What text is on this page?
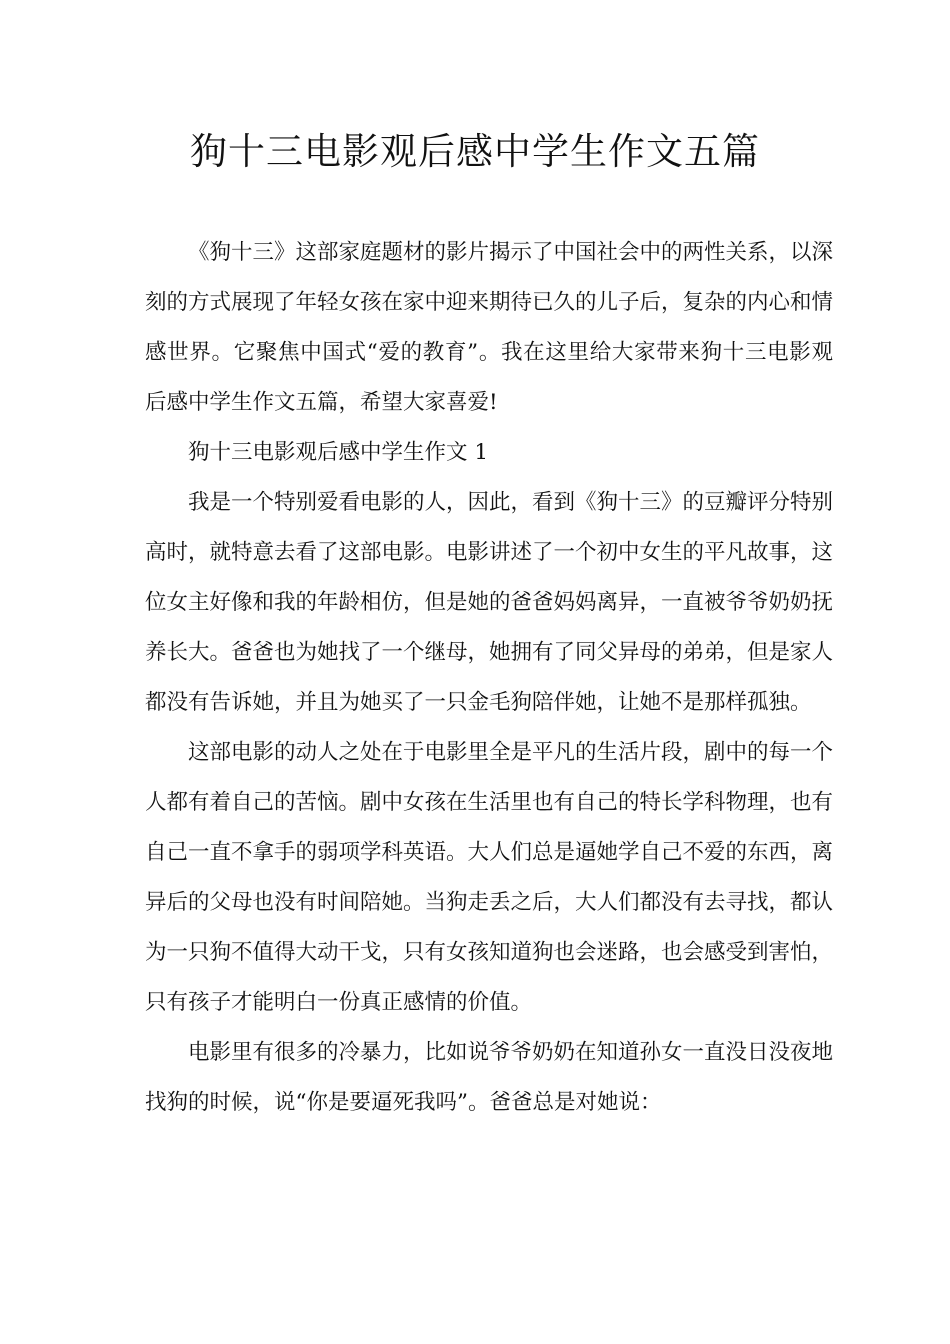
狗十三电影观后感中学生作文五篇

《狗十三》这部家庭题材的影片揭示了中国社会中的两性关系，以深刻的方式展现了年轻女孩在家中迎来期待已久的儿子后，复杂的内心和情感世界。它聚焦中国式“爱的教育”。我在这里给大家带来狗十三电影观后感中学生作文五篇，希望大家喜爱!

狗十三电影观后感中学生作文 1

我是一个特别爱看电影的人，因此，看到《狗十三》的豆瓣评分特别高时，就特意去看了这部电影。电影讲述了一个初中女生的平凡故事，这位女主好像和我的年龄相仿，但是她的爸爸妈妈离异，一直被爷爷奶奶抚养长大。爸爸也为她找了一个继母，她拥有了同父异母的弟弟，但是家人都没有告诉她，并且为她买了一只金毛狗陪伴她，让她不是那样孤独。

这部电影的动人之处在于电影里全是平凡的生活片段，剧中的每一个人都有着自己的苦恼。剧中女孩在生活里也有自己的特长学科物理，也有自己一直不拿手的弱项学科英语。大人们总是逼她学自己不爱的东西，离异后的父母也没有时间陪她。当狗走丢之后，大人们都没有去寻找，都认为一只狗不值得大动干戈，只有女孩知道狗也会迷路，也会感受到害怕，只有孩子才能明白一份真正感情的价值。

电影里有很多的冷暴力，比如说爷爷奶奶在知道孙女一直没日没夜地找狗的时候，说“你是要逼死我吗”。爸爸总是对她说：
